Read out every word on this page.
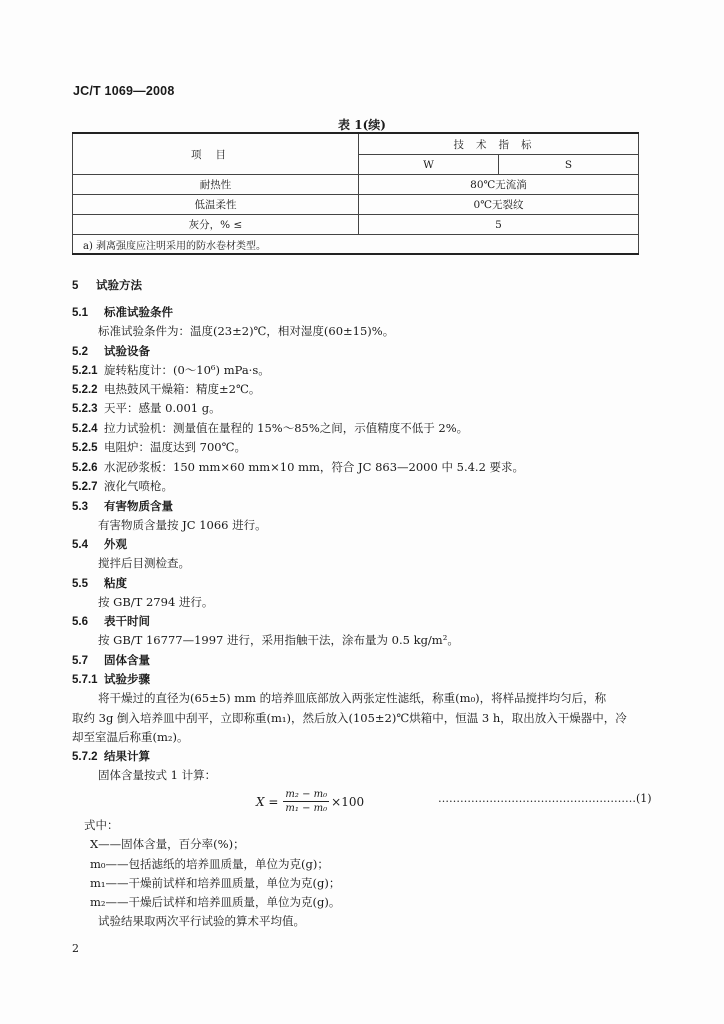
JC/T 1069—2008
表 1(续)
项目	技术指标	
	W	S
耐热性	80℃无流淌	
低温柔性	0℃无裂纹	
灰分，% ≤	5	
a) 剥离强度应注明采用的防水卷材类型。		
5 试验方法
5.1 标准试验条件
标准试验条件为：温度(23±2)℃，相对湿度(60±15)%。
5.2 试验设备
5.2.1 旋转粘度计：(0～10⁶) mPa·s。
5.2.2 电热鼓风干燥箱：精度±2℃。
5.2.3 天平：感量 0.001 g。
5.2.4 拉力试验机：测量值在量程的 15%～85%之间，示值精度不低于 2%。
5.2.5 电阻炉：温度达到 700℃。
5.2.6 水泥砂浆板：150 mm×60 mm×10 mm，符合 JC 863—2000 中 5.4.2 要求。
5.2.7 液化气喷枪。
5.3 有害物质含量
有害物质含量按 JC 1066 进行。
5.4 外观
搅拌后目测检查。
5.5 粘度
按 GB/T 2794 进行。
5.6 表干时间
按 GB/T 16777—1997 进行，采用指触干法，涂布量为 0.5 kg/m²。
5.7 固体含量
5.7.1 试验步骤
将干燥过的直径为(65±5) mm 的培养皿底部放入两张定性滤纸，称重(m₀)，将样品搅拌均匀后，称
取约 3g 倒入培养皿中刮平，立即称重(m₁)，然后放入(105±2)℃烘箱中，恒温 3 h，取出放入干燥器中，冷
却至室温后称重(m₂)。
5.7.2 结果计算
固体含量按式 1 计算：
$X = \frac{\text{m₂ − m₀}}{\text{m₁ − m₀}} \times 100$	………………………………………………(1)
式中：
X——固体含量，百分率(%)；
m₀——包括滤纸的培养皿质量，单位为克(g)；
m₁——干燥前试样和培养皿质量，单位为克(g)；
m₂——干燥后试样和培养皿质量，单位为克(g)。
试验结果取两次平行试验的算术平均值。
2
